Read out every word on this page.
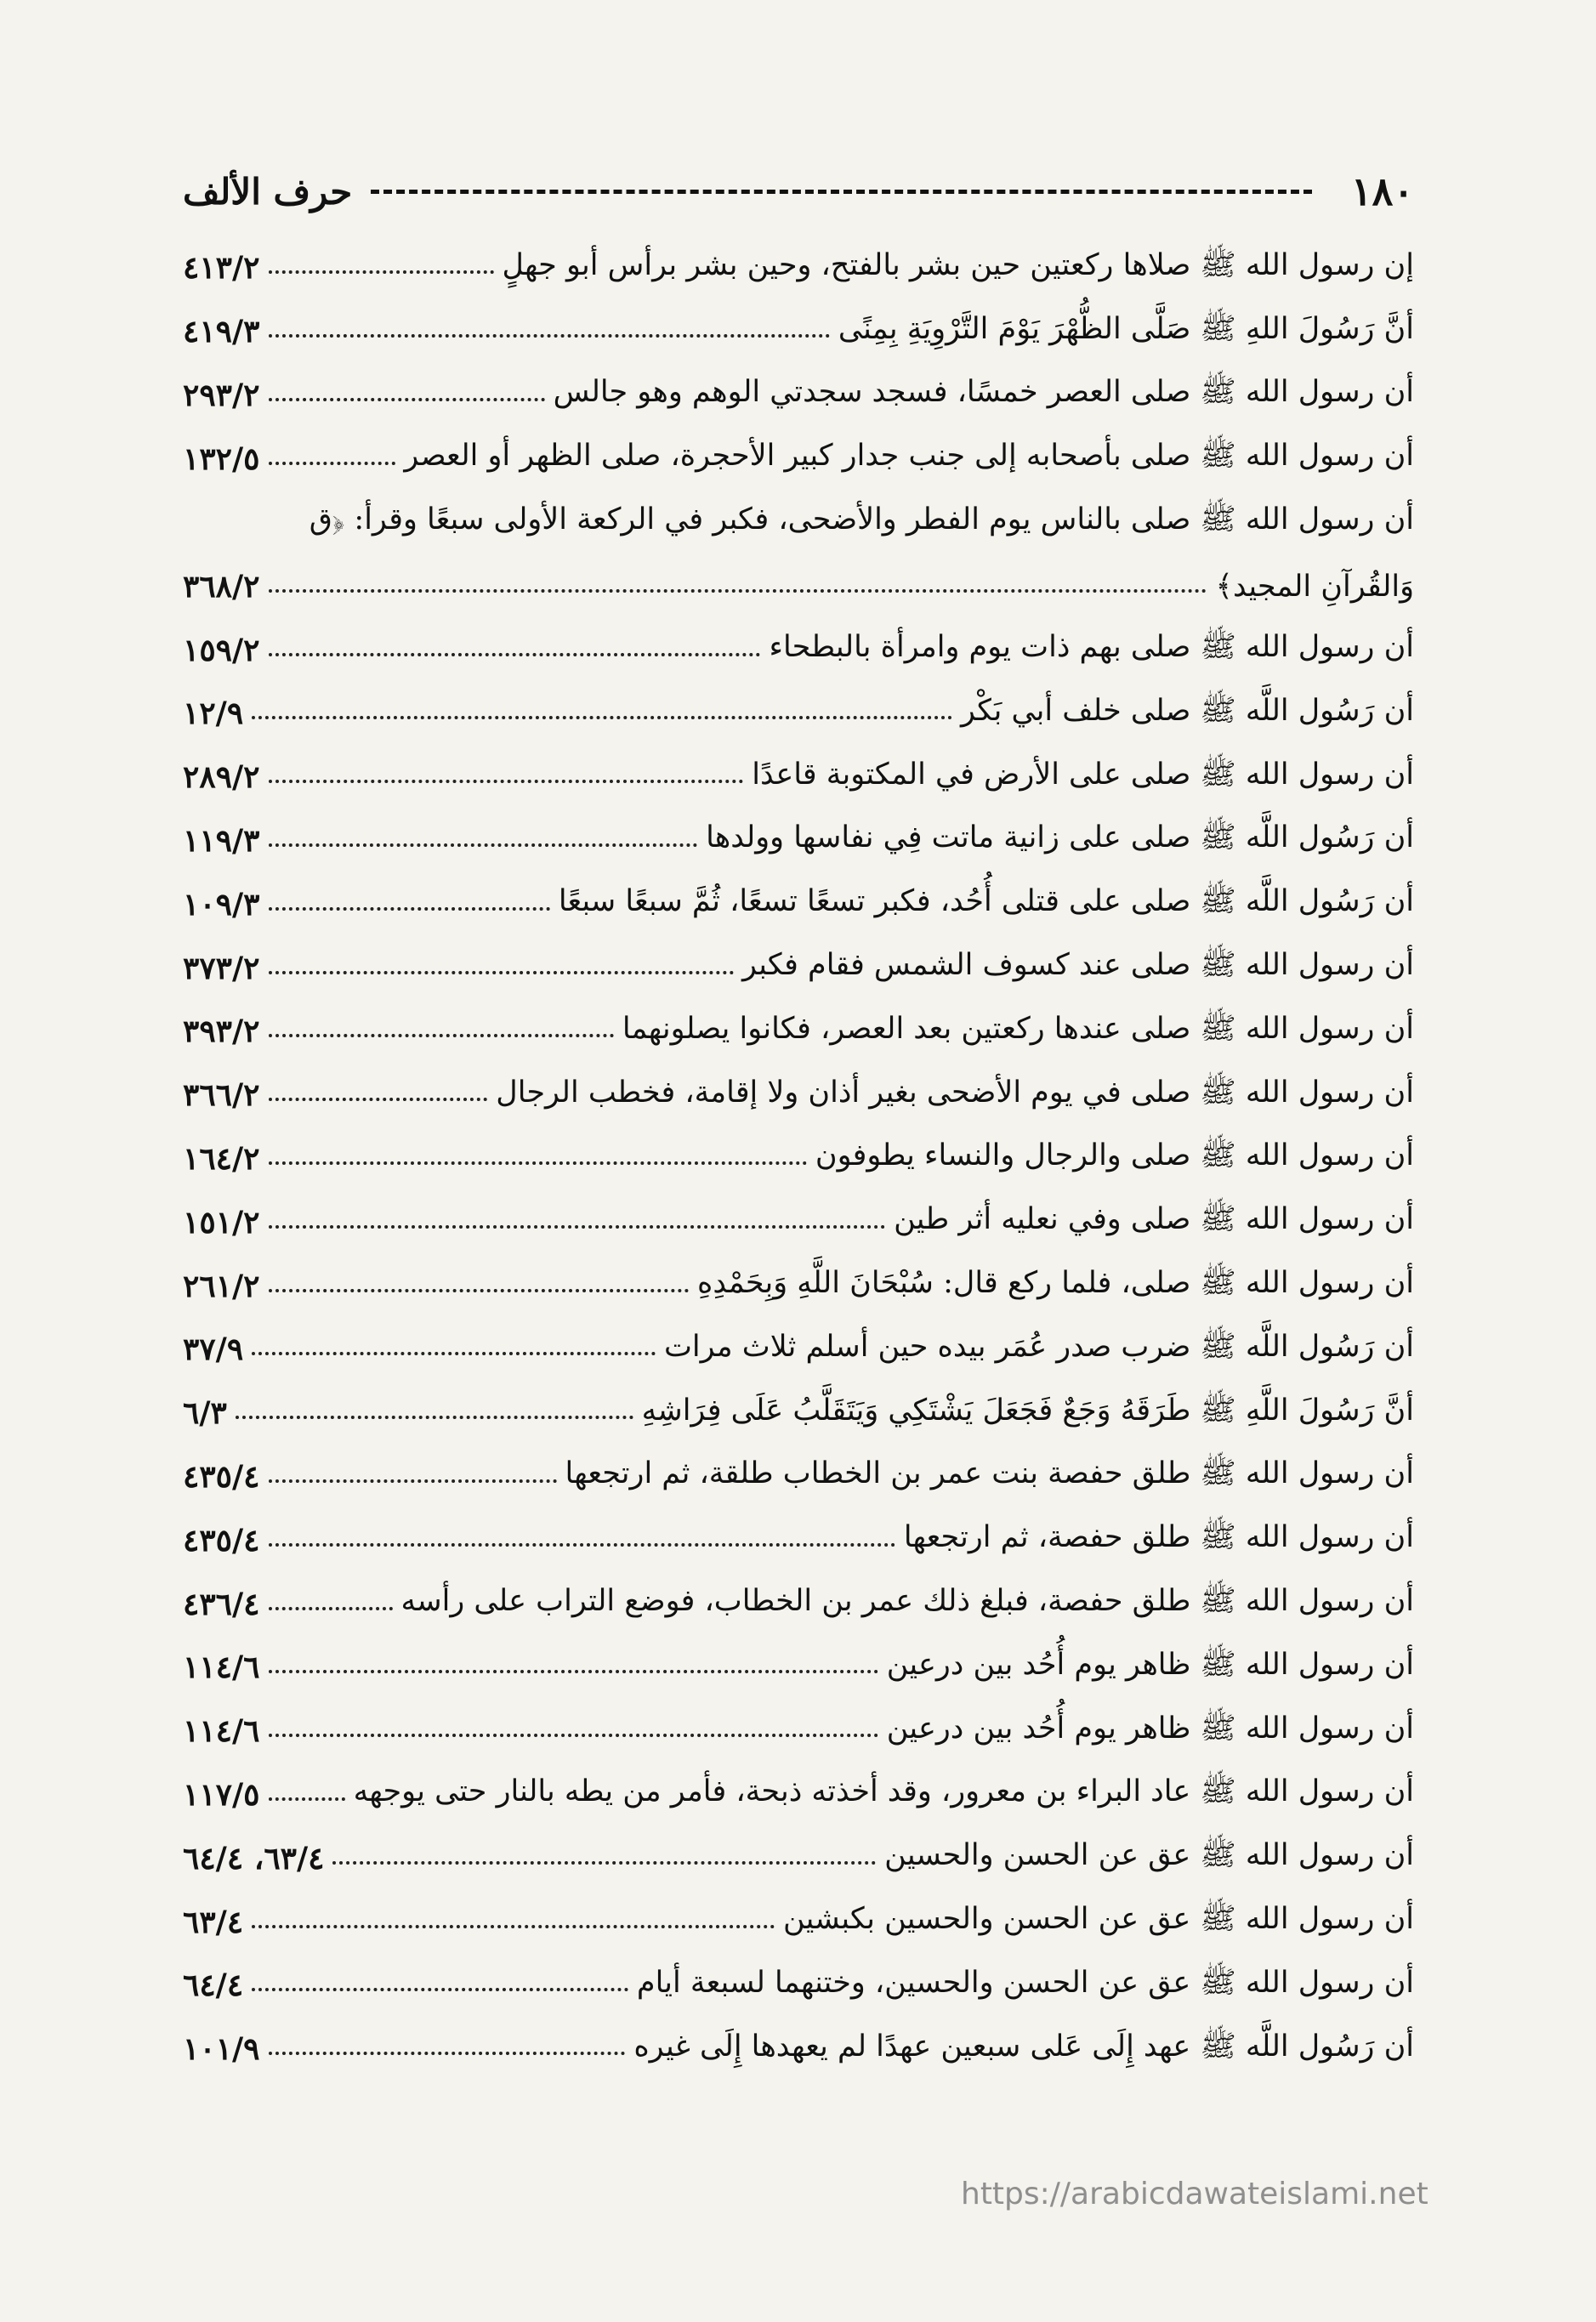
١٨٠
حرف الألف
إن رسول الله ﷺ صلاها ركعتين حين بشر بالفتح، وحين بشر برأس أبو جهلٍ
٤١٣/٢
أنَّ رَسُولَ اللهِ ﷺ صَلَّى الظُّهْرَ يَوْمَ التَّرْوِيَةِ بِمِنًى
٤١٩/٣
أن رسول الله ﷺ صلى العصر خمسًا، فسجد سجدتي الوهم وهو جالس
٢٩٣/٢
أن رسول الله ﷺ صلى بأصحابه إلى جنب جدار كبير الأحجرة، صلى الظهر أو العصر
١٣٢/٥
أن رسول الله ﷺ صلى بالناس يوم الفطر والأضحى، فكبر في الركعة الأولى سبعًا وقرأ: ﴿ق
وَالقُرآنِ المجيد﴾
٣٦٨/٢
أن رسول الله ﷺ صلى بهم ذات يوم وامرأة بالبطحاء
١٥٩/٢
أن رَسُول اللَّه ﷺ صلى خلف أبي بَكْر
١٢/٩
أن رسول الله ﷺ صلى على الأرض في المكتوبة قاعدًا
٢٨٩/٢
أن رَسُول اللَّه ﷺ صلى على زانية ماتت فِي نفاسها وولدها
١١٩/٣
أن رَسُول اللَّه ﷺ صلى على قتلى أُحُد، فكبر تسعًا تسعًا، ثُمَّ سبعًا سبعًا
١٠٩/٣
أن رسول الله ﷺ صلى عند كسوف الشمس فقام فكبر
٣٧٣/٢
أن رسول الله ﷺ صلى عندها ركعتين بعد العصر، فكانوا يصلونهما
٣٩٣/٢
أن رسول الله ﷺ صلى في يوم الأضحى بغير أذان ولا إقامة، فخطب الرجال
٣٦٦/٢
أن رسول الله ﷺ صلى والرجال والنساء يطوفون
١٦٤/٢
أن رسول الله ﷺ صلى وفي نعليه أثر طين
١٥١/٢
أن رسول الله ﷺ صلى، فلما ركع قال: سُبْحَانَ اللَّهِ وَبِحَمْدِهِ
٢٦١/٢
أن رَسُول اللَّه ﷺ ضرب صدر عُمَر بيده حين أسلم ثلاث مرات
٣٧/٩
أنَّ رَسُولَ اللَّهِ ﷺ طَرَقَهُ وَجَعٌ فَجَعَلَ يَشْتَكِي وَيَتَقَلَّبُ عَلَى فِرَاشِهِ
٦/٣
أن رسول الله ﷺ طلق حفصة بنت عمر بن الخطاب طلقة، ثم ارتجعها
٤٣٥/٤
أن رسول الله ﷺ طلق حفصة، ثم ارتجعها
٤٣٥/٤
أن رسول الله ﷺ طلق حفصة، فبلغ ذلك عمر بن الخطاب، فوضع التراب على رأسه
٤٣٦/٤
أن رسول الله ﷺ ظاهر يوم أُحُد بين درعين
١١٤/٦
أن رسول الله ﷺ ظاهر يوم أُحُد بين درعين
١١٤/٦
أن رسول الله ﷺ عاد البراء بن معرور، وقد أخذته ذبحة، فأمر من يطه بالنار حتى يوجهه
١١٧/٥
أن رسول الله ﷺ عق عن الحسن والحسين
٦٣/٤، ٦٤/٤
أن رسول الله ﷺ عق عن الحسن والحسين بكبشين
٦٣/٤
أن رسول الله ﷺ عق عن الحسن والحسين، وختنهما لسبعة أيام
٦٤/٤
أن رَسُول اللَّه ﷺ عهد إِلَى عَلى سبعين عهدًا لم يعهدها إِلَى غيره
١٠١/٩
https://arabicdawateislami.net
